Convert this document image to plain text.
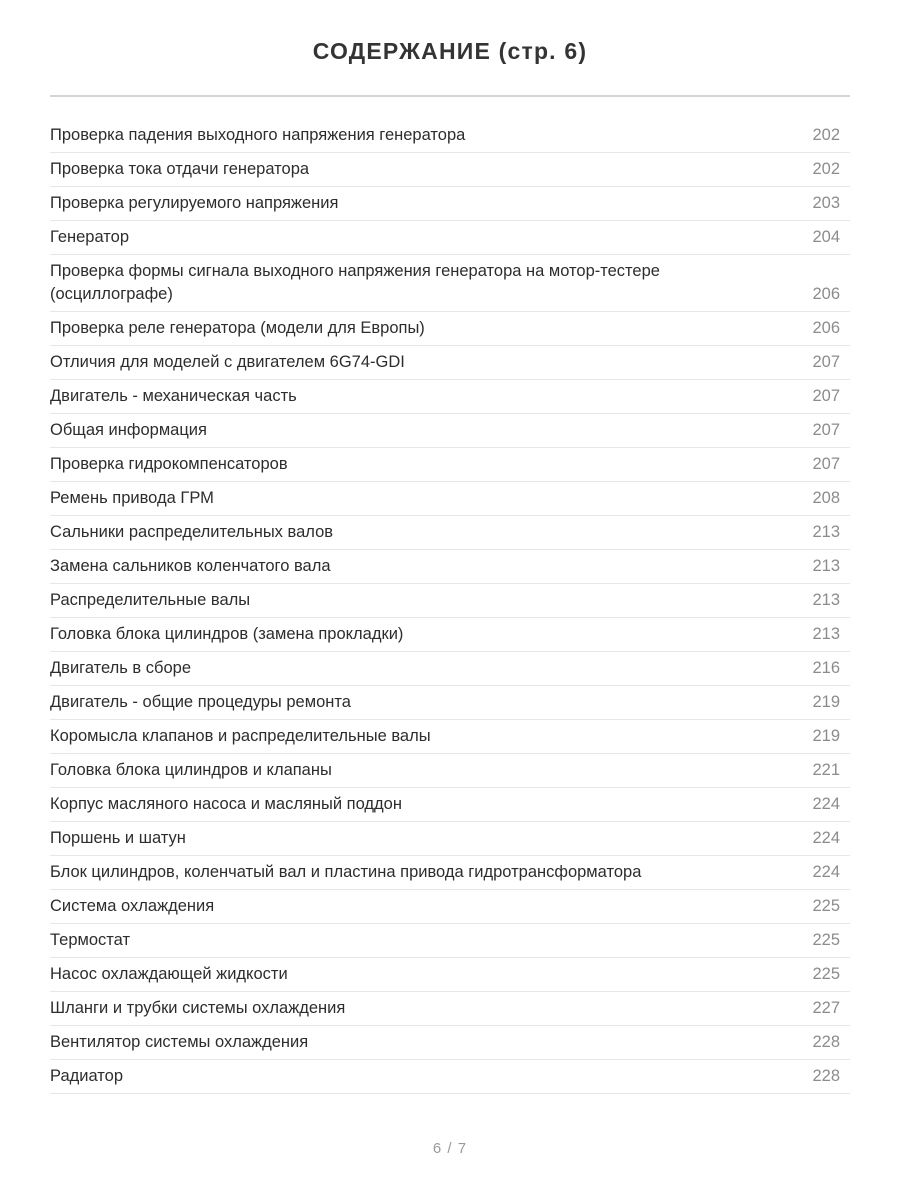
СОДЕРЖАНИЕ (стр. 6)
Проверка падения выходного напряжения генератора	202
Проверка тока отдачи генератора	202
Проверка регулируемого напряжения	203
Генератор	204
Проверка формы сигнала выходного напряжения генератора на мотор-тестере (осциллографе)	206
Проверка реле генератора (модели для Европы)	206
Отличия для моделей с двигателем 6G74-GDI	207
Двигатель - механическая часть	207
Общая информация	207
Проверка гидрокомпенсаторов	207
Ремень привода ГРМ	208
Сальники распределительных валов	213
Замена сальников коленчатого вала	213
Распределительные валы	213
Головка блока цилиндров (замена прокладки)	213
Двигатель в сборе	216
Двигатель - общие процедуры ремонта	219
Коромысла клапанов и распределительные валы	219
Головка блока цилиндров и клапаны	221
Корпус масляного насоса и масляный поддон	224
Поршень и шатун	224
Блок цилиндров, коленчатый вал и пластина привода гидротрансформатора	224
Система охлаждения	225
Термостат	225
Насос охлаждающей жидкости	225
Шланги и трубки системы охлаждения	227
Вентилятор системы охлаждения	228
Радиатор	228
6 / 7
